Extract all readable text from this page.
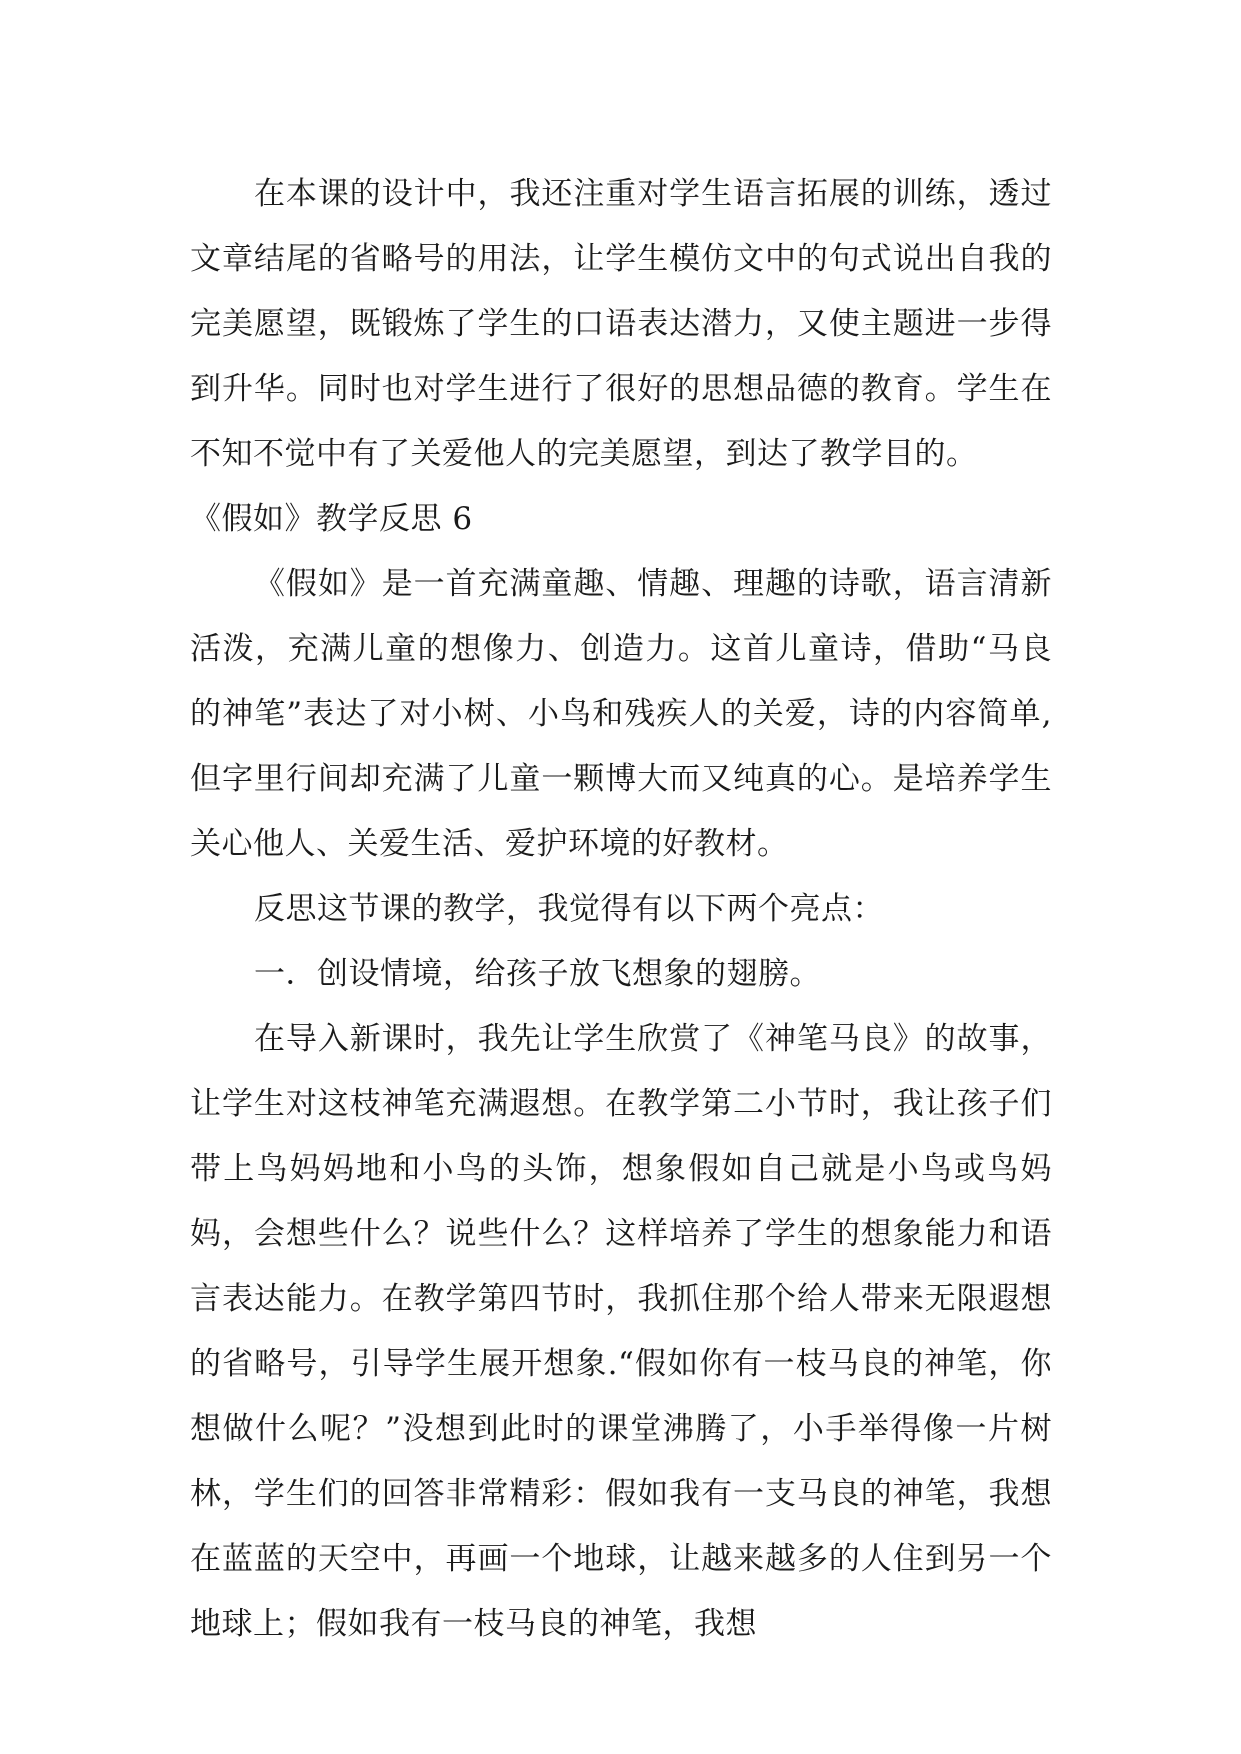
在本课的设计中，我还注重对学生语言拓展的训练，透过文章结尾的省略号的用法，让学生模仿文中的句式说出自我的完美愿望，既锻炼了学生的口语表达潜力，又使主题进一步得到升华。同时也对学生进行了很好的思想品德的教育。学生在不知不觉中有了关爱他人的完美愿望，到达了教学目的。

《假如》教学反思 6

《假如》是一首充满童趣、情趣、理趣的诗歌，语言清新活泼，充满儿童的想像力、创造力。这首儿童诗，借助“马良的神笔”表达了对小树、小鸟和残疾人的关爱，诗的内容简单,但字里行间却充满了儿童一颗博大而又纯真的心。是培养学生关心他人、关爱生活、爱护环境的好教材。

反思这节课的教学，我觉得有以下两个亮点：

一．创设情境，给孩子放飞想象的翅膀。

在导入新课时，我先让学生欣赏了《神笔马良》的故事，让学生对这枝神笔充满遐想。在教学第二小节时，我让孩子们带上鸟妈妈地和小鸟的头饰，想象假如自己就是小鸟或鸟妈妈，会想些什么？说些什么？这样培养了学生的想象能力和语言表达能力。在教学第四节时，我抓住那个给人带来无限遐想的省略号，引导学生展开想象.“假如你有一枝马良的神笔，你想做什么呢？”没想到此时的课堂沸腾了，小手举得像一片树林，学生们的回答非常精彩：假如我有一支马良的神笔，我想在蓝蓝的天空中，再画一个地球，让越来越多的人住到另一个地球上；假如我有一枝马良的神笔，我想
